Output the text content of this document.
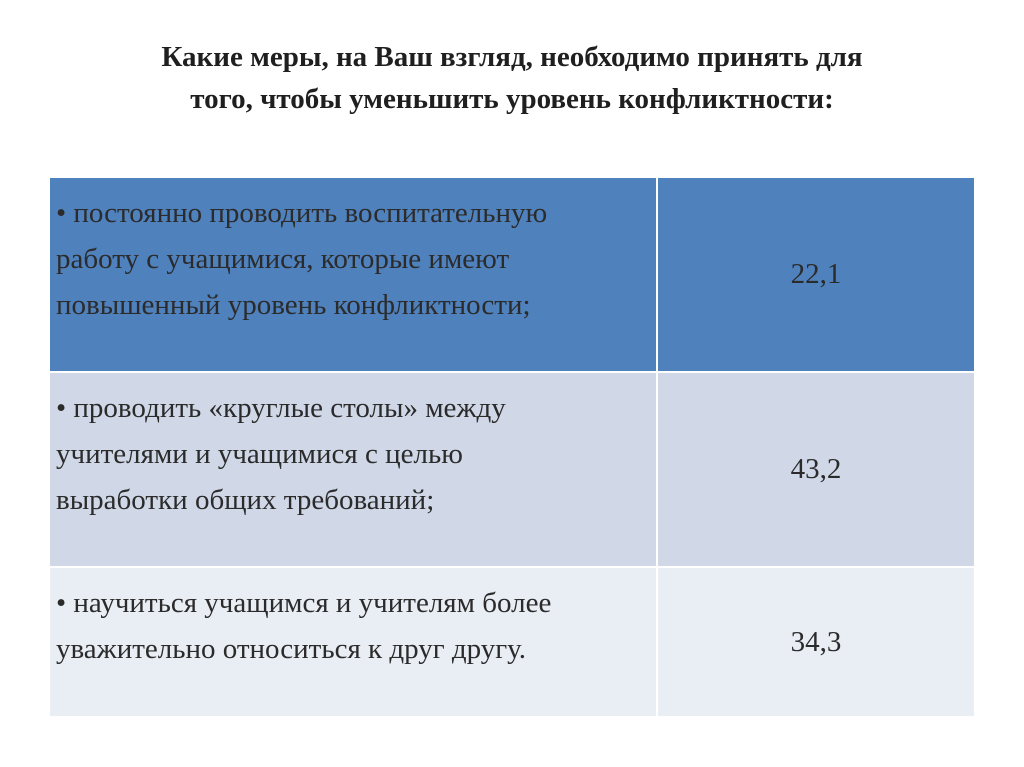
Какие меры, на Ваш взгляд, необходимо принять для
того, чтобы уменьшить уровень конфликтности:
• постоянно проводить воспитательную
работу с учащимися, которые имеют
повышенный уровень конфликтности;
22,1
• проводить «круглые столы» между
учителями и учащимися с целью
выработки общих требований;
43,2
• научиться учащимся и учителям более
уважительно относиться к друг другу.	34,3
